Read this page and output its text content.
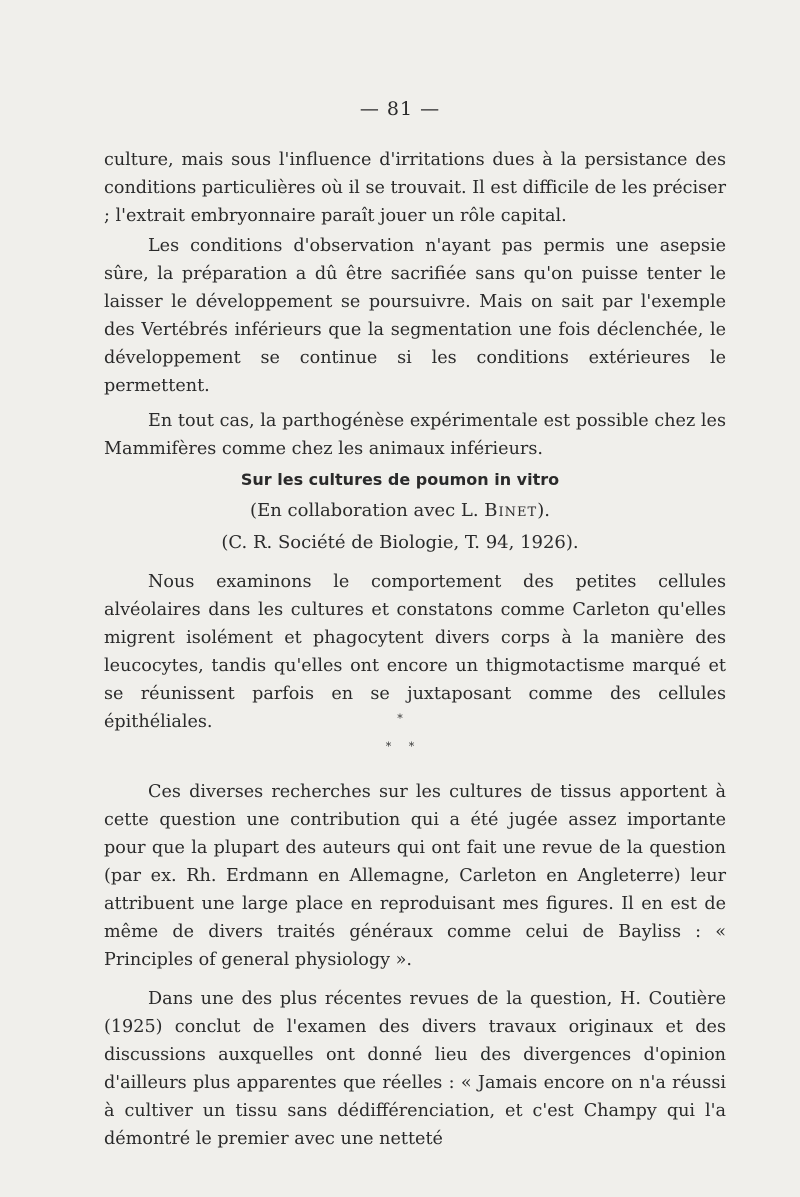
— 81 —

culture, mais sous l'influence d'irritations dues à la persistance des conditions particulières où il se trouvait. Il est difficile de les préciser ; l'extrait embryonnaire paraît jouer un rôle capital.

Les conditions d'observation n'ayant pas permis une asepsie sûre, la préparation a dû être sacrifiée sans qu'on puisse tenter le laisser le développement se poursuivre. Mais on sait par l'exemple des Vertébrés inférieurs que la segmentation une fois déclenchée, le développement se continue si les conditions extérieures le permettent.

En tout cas, la parthogénèse expérimentale est possible chez les Mammifères comme chez les animaux inférieurs.

Sur les cultures de poumon in vitro
(En collaboration avec L. Binet).
(C. R. Société de Biologie, T. 94, 1926).

Nous examinons le comportement des petites cellules alvéolaires dans les cultures et constatons comme Carleton qu'elles migrent isolément et phagocytent divers corps à la manière des leucocytes, tandis qu'elles ont encore un thigmotactisme marqué et se réunissent parfois en se juxtaposant comme des cellules épithéliales.	*
*     *

Ces diverses recherches sur les cultures de tissus apportent à cette question une contribution qui a été jugée assez importante pour que la plupart des auteurs qui ont fait une revue de la question (par ex. Rh. Erdmann en Allemagne, Carleton en Angleterre) leur attribuent une large place en reproduisant mes figures. Il en est de même de divers traités généraux comme celui de Bayliss : « Principles of general physiology ».

Dans une des plus récentes revues de la question, H. Coutière (1925) conclut de l'examen des divers travaux originaux et des discussions auxquelles ont donné lieu des divergences d'opinion d'ailleurs plus apparentes que réelles : « Jamais encore on n'a réussi à cultiver un tissu sans dédifférenciation, et c'est Champy qui l'a démontré le premier avec une netteté
